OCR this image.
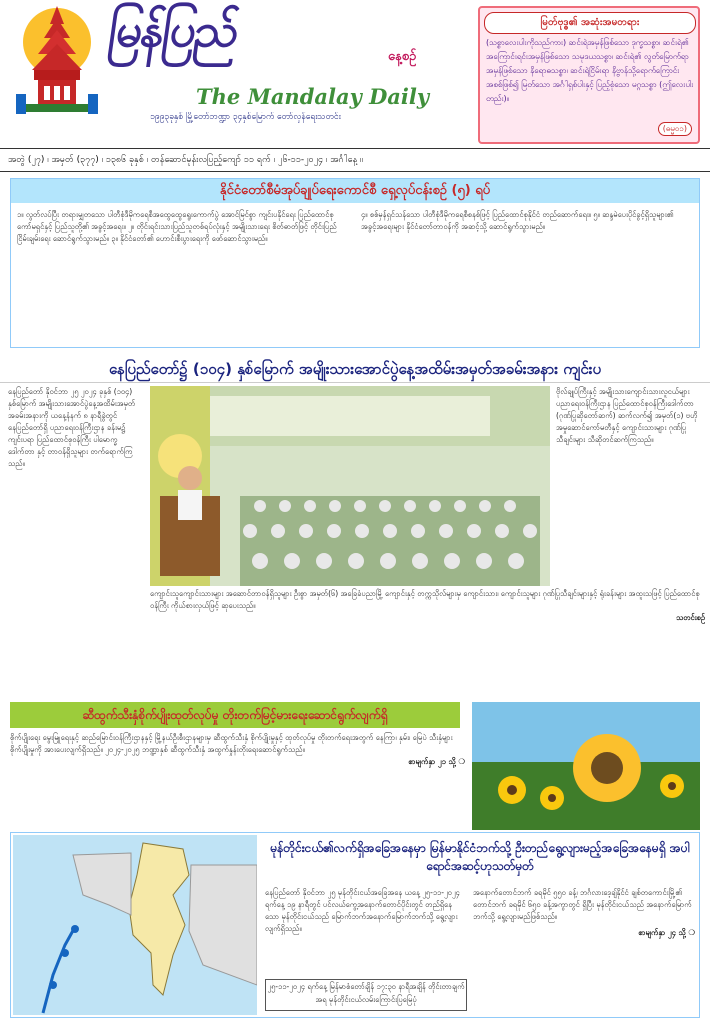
မြန်ပြည်	နေ့စဉ်
The Mandalay Daily
၁၉၉၃ခုနှစ် မြို့တော်ဘဏ္ဍာ ၃၄နှစ်မြောက် တော်လှန်ရေးသတင်း
မြတ်ဗုဒ္ဓ၏ အဆုံးအမတရား
(သစ္စာလေးပါးကိုသည်ကား) ဆင်းရဲအမှန်ဖြစ်သော ဒုက္ခသစ္စာ၊ ဆင်းရဲ၏ အကြောင်းရင်းအမှန်ဖြစ်သော သမုဒယသစ္စာ၊ ဆင်းရဲ၏ လွတ်မြောက်ရာအမှန်ဖြစ်သော နိရောဓသစ္စာ၊ ဆင်းရဲငြိမ်းရာ နိဗ္ဗာန်သို့ရောက်ကြောင်း အစစ်ဖြစ်၍ မြတ်သော အင်္ဂါရှစ်ပါးနှင့် ပြည့်စုံသော မဂ္ဂသစ္စာ (ဤလေးပါးတည်း)။
(ဓမ္မ၀၁)
အတွဲ (၂၇) ၊ အမှတ် (၃၇၇) ၊ ၁၃၈၆ ခုနှစ် ၊ တန်ဆောင်မုန်းလပြည့်ကျော် ၁၁ ရက် ၊ ၂၆-၁၁-၂၀၂၄ ၊ အင်္ဂါနေ့ ။
နိုင်ငံတော်စီမံအုပ်ချုပ်ရေးကောင်စီ ရှေ့လုပ်ငန်းစဉ် (၅) ရပ်
၁။ လွတ်လပ်ပြီး တရားမျှတသော ပါတီစုံဒီမိုကရေစီအထွေထွေရွေးကောက်ပွဲ အောင်မြင်စွာ ကျင်းပနိုင်ရေး ပြည်ထောင်စုကော်မရှင်နှင့် ပြည်သူတို့၏ အခွင့်အရေး။ ၂။ တိုင်းရင်းသားပြည်သူတစ်ရပ်လုံးနှင့် အမျိုးသားရေး စိတ်ဓာတ်ဖြင့် တိုင်းပြည်ငြိမ်းချမ်းရေး ဆောင်ရွက်သွားမည်။ ၃။ နိုင်ငံတော်၏ ဟောင်းစီးပွားရေးကို ဖော်ဆောင်သွားမည်။
၄။ စစ်မှန်ရှင်သန်သော ပါတီစုံဒီမိုကရေစီစနစ်ဖြင့် ပြည်ထောင်စုနိုင်ငံ တည်ဆောက်ရေး။ ၅။ ဆန္ဒမဲပေးပိုင်ခွင့်ရှိသူများ၏ အခွင့်အရေးများ နိုင်ငံတော်တာဝန်ကို အဆင့်သို့ ဆောင်ရွက်သွားမည်။
နေပြည်တော်၌ (၁၀၄) နှစ်မြောက် အမျိုးသားအောင်ပွဲနေ့အထိမ်းအမှတ်အခမ်းအနား ကျင်းပ
နေပြည်တော် နိုဝင်ဘာ ၂၅ ၂၀၂၄ ခုနှစ် (၁၀၄) နှစ်မြောက် အမျိုးသားအောင်ပွဲနေ့အထိမ်းအမှတ်အခမ်းအနားကို ယနေ့နံနက် ၈ နာရီခွဲတွင် နေပြည်တော်ရှိ ပညာရေးဝန်ကြီးဌာန ခန်းမ၌ ကျင်းပရာ ပြည်ထောင်စုဝန်ကြီး ပါမောက္ခ ဒေါက်တာ နှင့် တာဝန်ရှိသူများ တက်ရောက်ကြသည်။
ဗိုလ်ချုပ်ကြီးနှင့် အမျိုးသားကျောင်းသားလူငယ်များ ပညာရေးဝန်ကြီးဌာန ပြည်ထောင်စုဝန်ကြီးဒေါက်တာ (ဂုဏ်ပြုဆိုတော်ဆက်) ဆက်လက်၍ အမှတ်(၁) ဗဟိုအမှုဆောင်ကော်မတီနှင့် ကျောင်းသားများ ဂုဏ်ပြုသီချင်းများ သီဆိုတင်ဆက်ကြသည်။
ကျောင်းသူကျောင်းသားများ အဆောင်တာဝန်ရှိသူများ ဦးစွာ အမှတ်(၆) အခြေခံပညာမြို့ ကျောင်းနှင့် တက္ကသိုလ်များမှ ကျောင်းသား၊ ကျောင်းသူများ ဂုဏ်ပြုသီချင်းများနှင့် ရုံးခန်းများ အထူးသဖြင့် ပြည်ထောင်စုဝန်ကြီး ကိုယ်စားလှယ်ဖြင့် ဆုပေးသည်။
သတင်းစဉ်
ဆီထွက်သီးနှံစိုက်ပျိုးထုတ်လုပ်မှု တိုးတက်မြင့်မားရေးဆောင်ရွက်လျက်ရှိ
စိုက်ပျိုးရေး မွေးမြူရေးနှင့် ဆည်မြောင်းဝန်ကြီးဌာနနှင့် မြို့နယ်ဦးစီးဌာနများမှ ဆီထွက်သီးနှံ စိုက်ပျိုးမှုနှင့် ထုတ်လုပ်မှု တိုးတက်ရေးအတွက် နေကြာ၊ နှမ်း၊ မြေပဲ သီးနှံများ စိုက်ပျိုးမှုကို အားပေးလျက်ရှိသည်။ ၂၀၂၄-၂၀၂၅ ဘဏ္ဍာနှစ် ဆီထွက်သီးနှံ အထွက်နှုန်းတိုးရေးဆောင်ရွက်သည်။
စာမျက်နှာ ၂၁ သို့ ❍
မုန်တိုင်းငယ်၏လက်ရှိအခြေအနေမှာ မြန်မာနိုင်ငံဘက်သို့ ဦးတည်ရွေ့လျားမည့်အခြေအနေမရှိ အပါရောင်အဆင့်ဟုသတ်မှတ်
နေပြည်တော် နိုဝင်ဘာ ၂၅ မုန်တိုင်းငယ်အခြေအနေ ယနေ့ ၂၅-၁၁-၂၀၂၄ ရက်နေ့ ၁၉ နာရီတွင် ပင်လယ်ကွေ့အနောက်တောင်ပိုင်းတွင် တည်ရှိနေသော မုန်တိုင်းငယ်သည် မြောက်ဘက်အနောက်မြောက်ဘက်သို့ ရွေ့လျားလျက်ရှိသည်။
၂၅-၁၁-၂၀၂၄ ရက်နေ့ မြန်မာစံတော်ချိန် ၁၇:၃၀ နာရီအချိန် တိုင်းတာချက်အရ မုန်တိုင်းငယ်လမ်းကြောင်းပြမြေပုံ
အနောက်တောင်ဘက် ခရမိုင် ၅၅၀ ခန့်၊ ဘင်္ဂလားဒေ့ချ်နိုင်ငံ ချစ်တကောင်းမြို့၏ တောင်ဘက် ခရမိုင် ၆၅၀ ခန့်အကွာတွင် ရှိပြီး မုန်တိုင်းငယ်သည် အနောက်မြောက်ဘက်သို့ ရွေ့လျားမည်ဖြစ်သည်။
စာမျက်နှာ ၂၄ သို့ ❍
